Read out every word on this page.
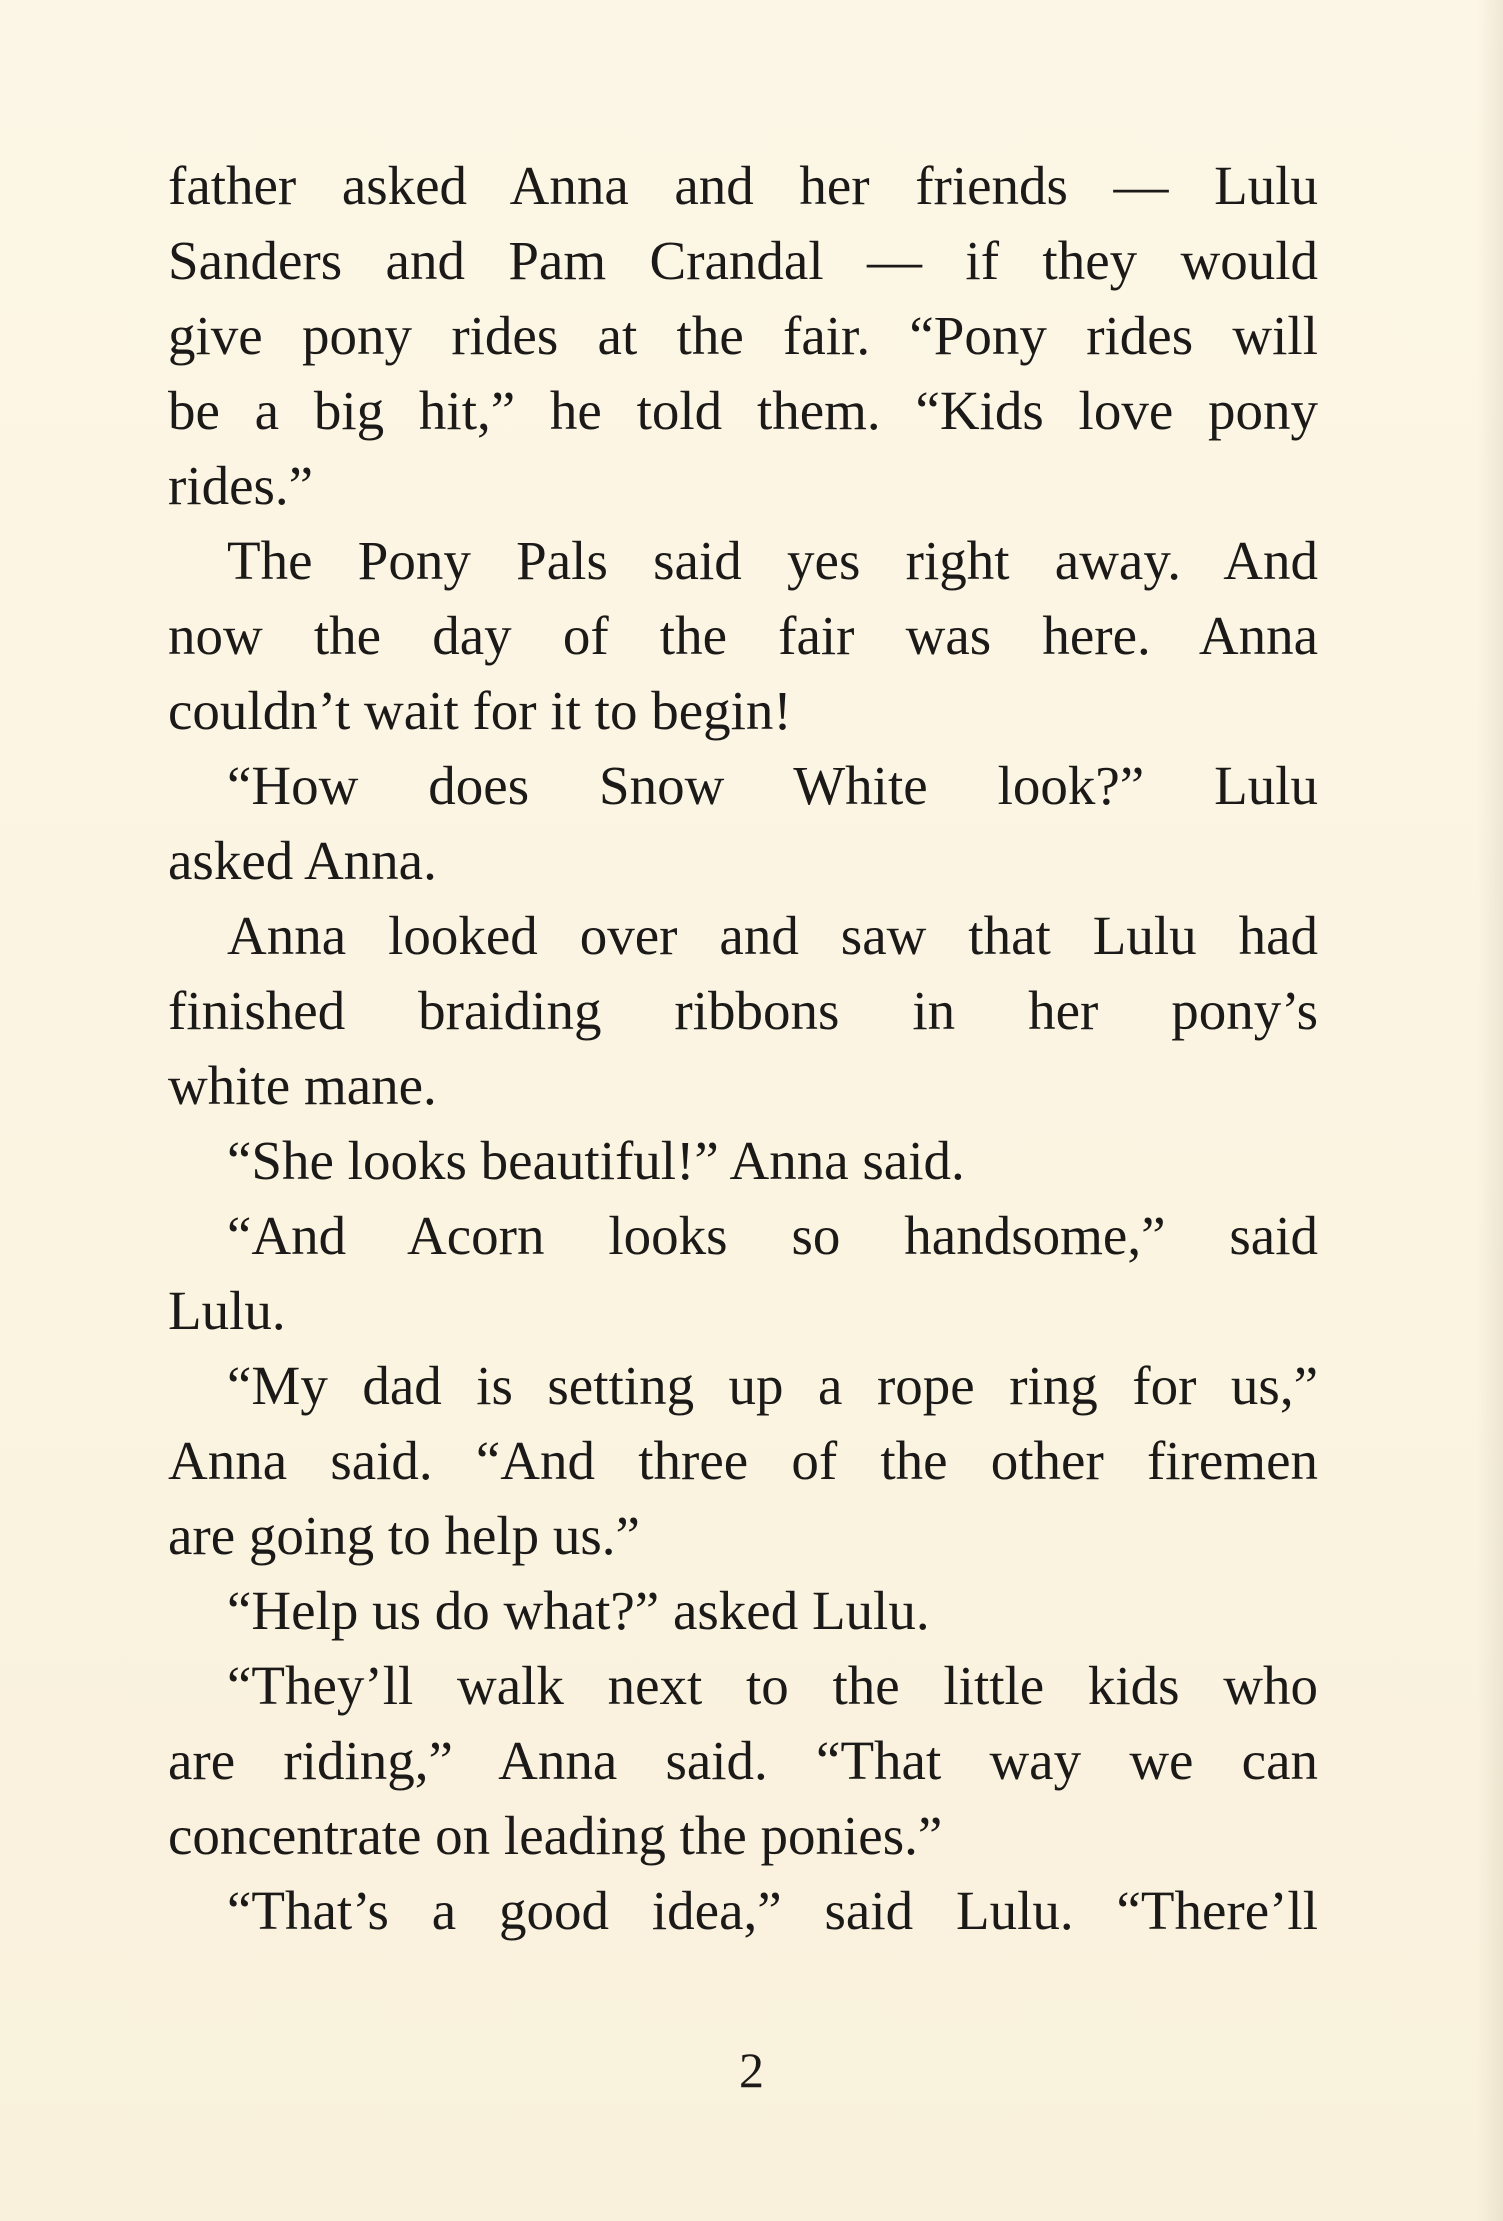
father asked Anna and her friends — Lulu
Sanders and Pam Crandal — if they would
give pony rides at the fair. “Pony rides will
be a big hit,” he told them. “Kids love pony
rides.”
The Pony Pals said yes right away. And
now the day of the fair was here. Anna
couldn’t wait for it to begin!
“How does Snow White look?” Lulu
asked Anna.
Anna looked over and saw that Lulu had
finished braiding ribbons in her pony’s
white mane.
“She looks beautiful!” Anna said.
“And Acorn looks so handsome,” said
Lulu.
“My dad is setting up a rope ring for us,”
Anna said. “And three of the other firemen
are going to help us.”
“Help us do what?” asked Lulu.
“They’ll walk next to the little kids who
are riding,” Anna said. “That way we can
concentrate on leading the ponies.”
“That’s a good idea,” said Lulu. “There’ll
2
